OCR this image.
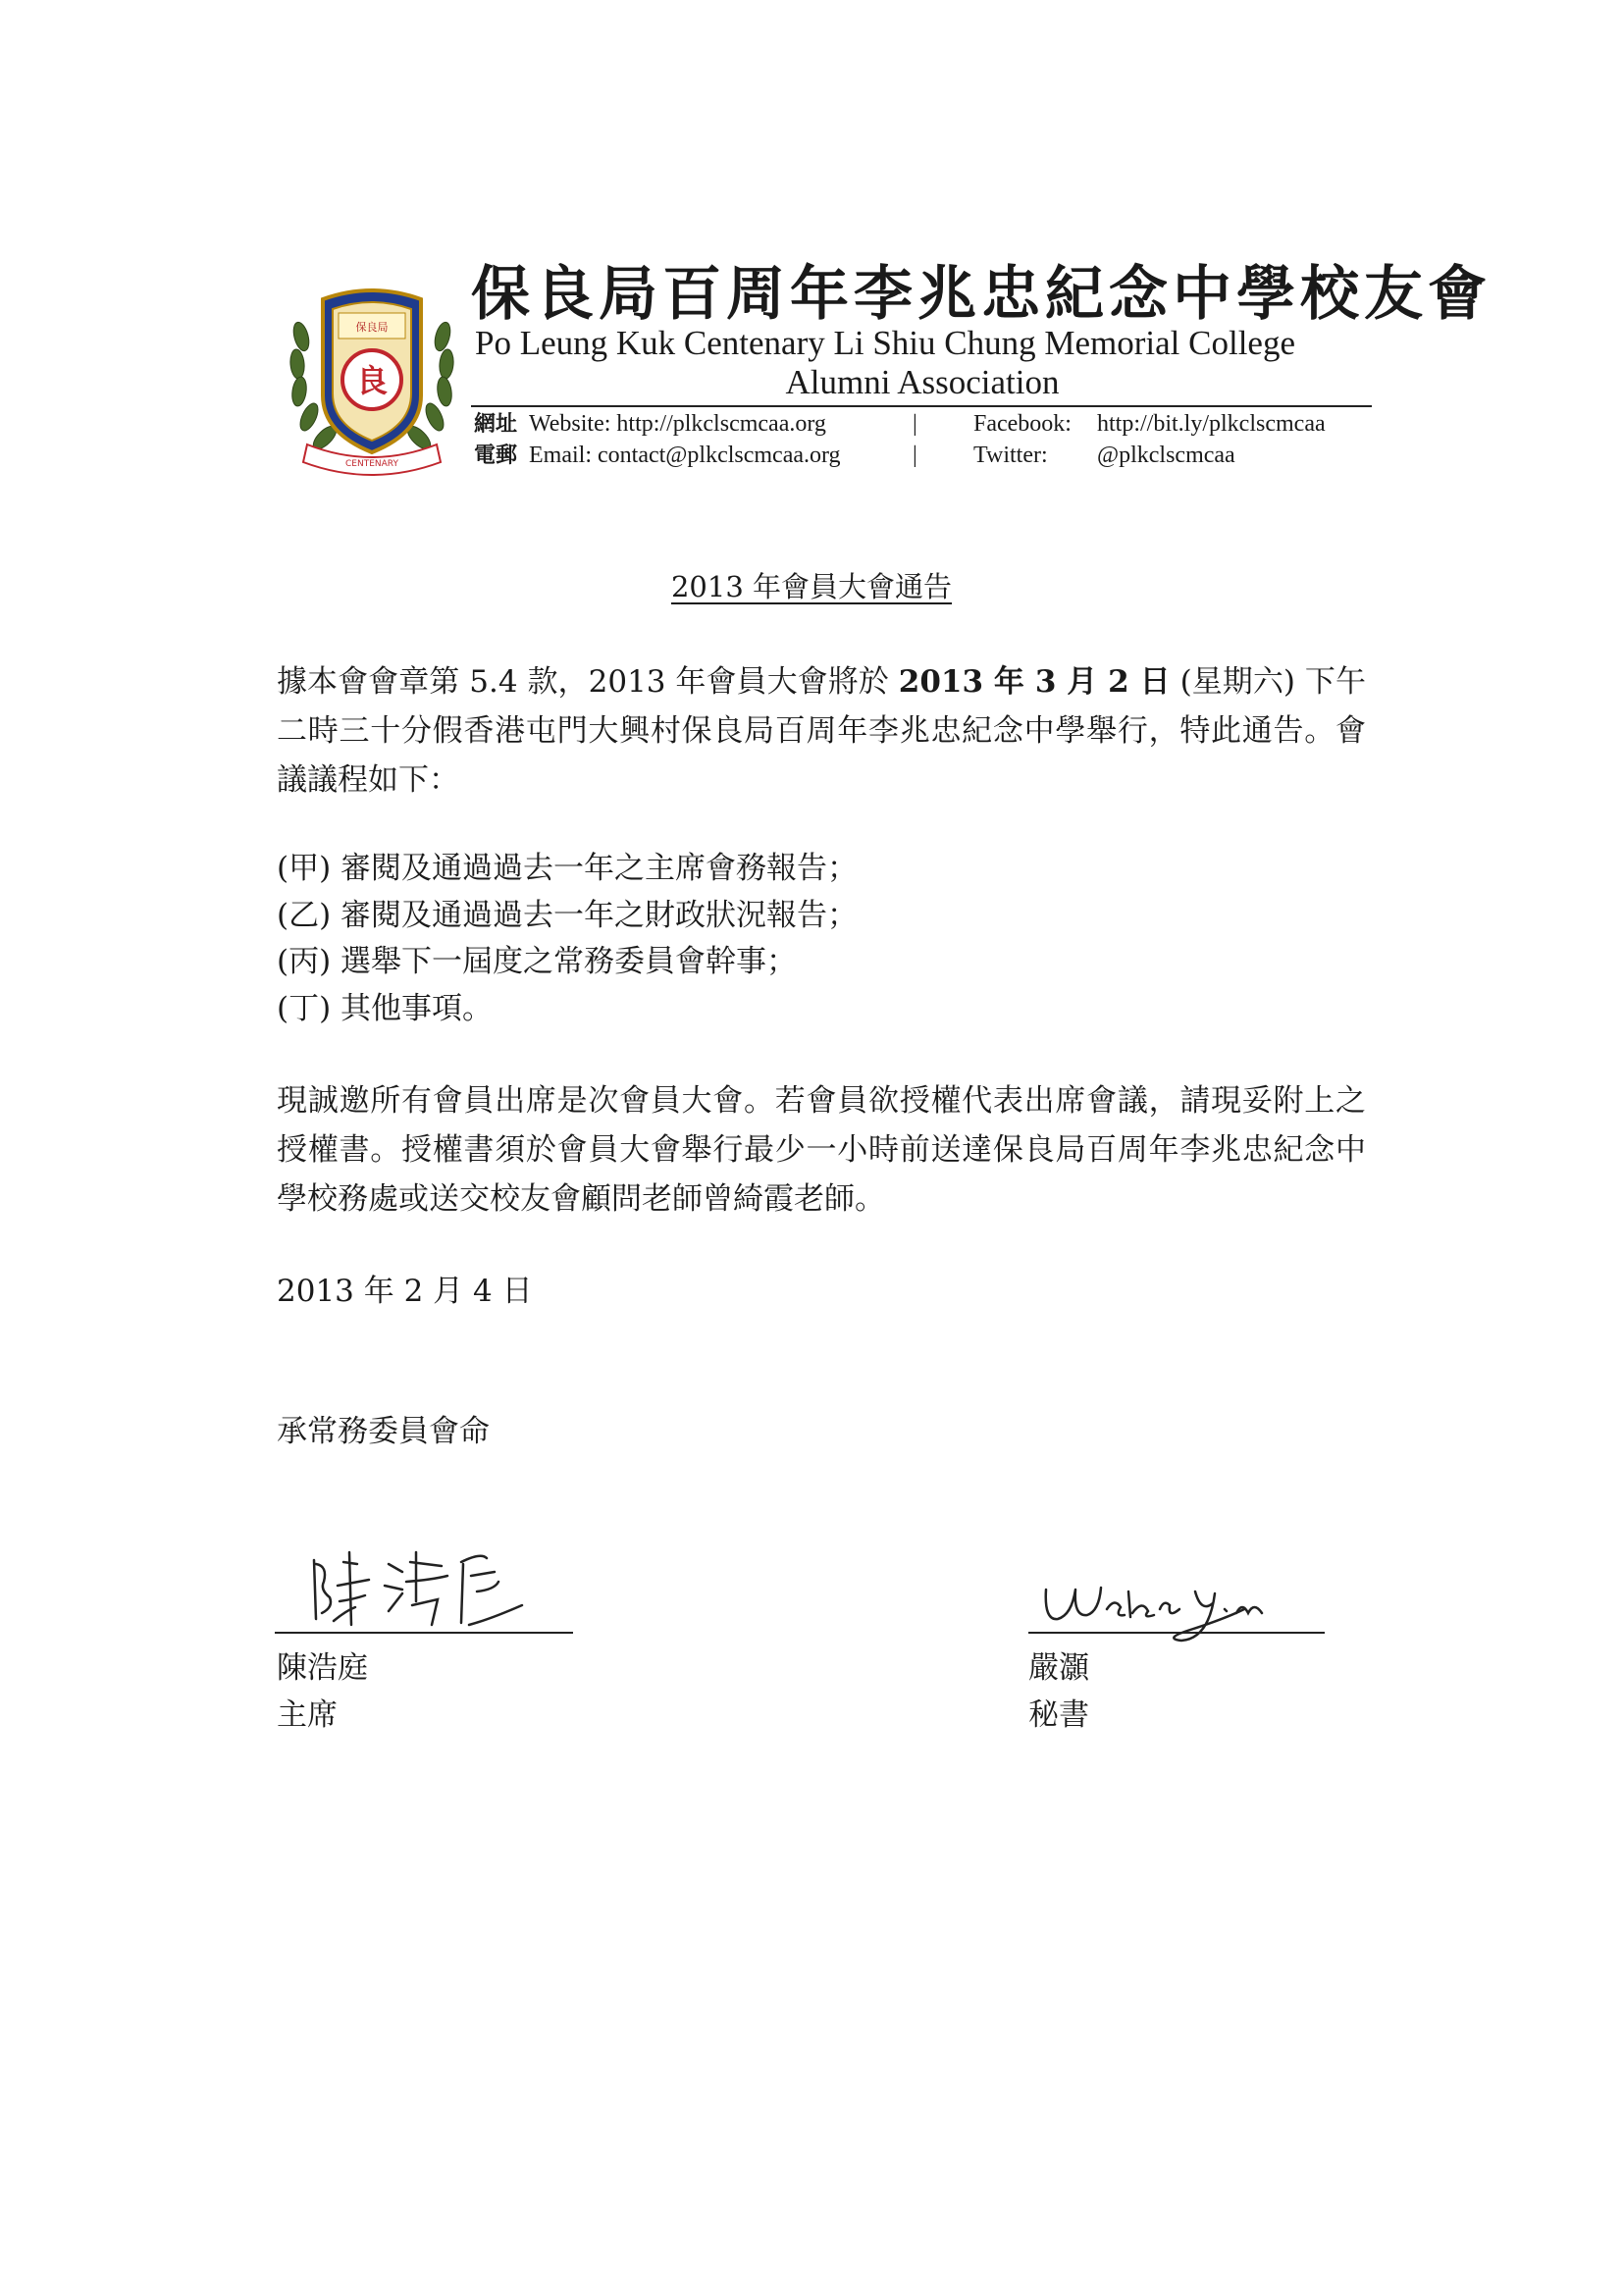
保良局
良
CENTENARY
保良局百周年李兆忠紀念中學校友會
Po Leung Kuk Centenary Li Shiu Chung Memorial College
Alumni Association
網址 Website: http://plkclscmcaa.org
電郵 Email: contact@plkclscmcaa.org
|
|
Facebook: http://bit.ly/plkclscmcaa
Twitter: @plkclscmcaa
2013 年會員大會通告
據本會會章第 5.4 款，2013 年會員大會將於 2013 年 3 月 2 日 (星期六) 下午二時三十分假香港屯門大興村保良局百周年李兆忠紀念中學舉行，特此通告。會議議程如下：
(甲) 審閱及通過過去一年之主席會務報告；
(乙) 審閱及通過過去一年之財政狀況報告；
(丙) 選舉下一屆度之常務委員會幹事；
(丁) 其他事項。
現誠邀所有會員出席是次會員大會。若會員欲授權代表出席會議，請現妥附上之授權書。授權書須於會員大會舉行最少一小時前送達保良局百周年李兆忠紀念中學校務處或送交校友會顧問老師曾綺霞老師。
2013 年 2 月 4 日
承常務委員會命
陳浩庭
主席
嚴灝
秘書
